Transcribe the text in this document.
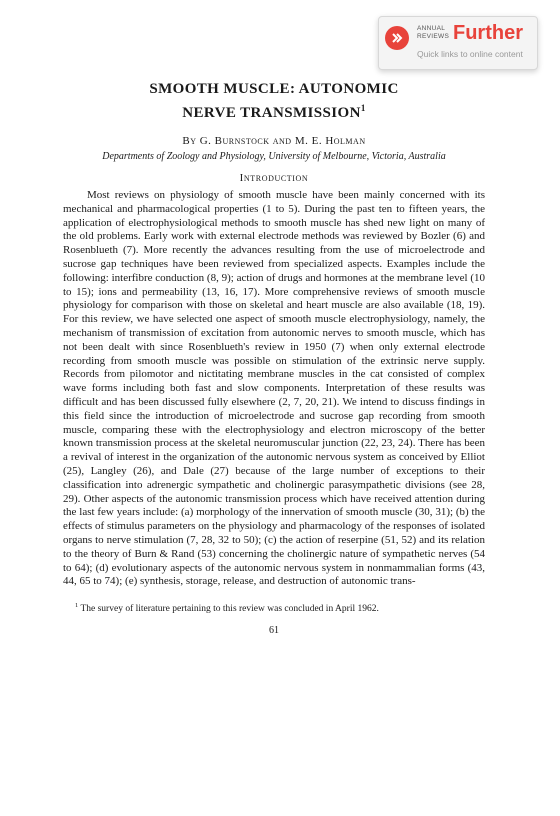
ANNUAL
REVIEWS Further
Quick links to online content
SMOOTH MUSCLE: AUTONOMIC
NERVE TRANSMISSION$^1$
By G. Burnstock and M. E. Holman
Departments of Zoology and Physiology, University of Melbourne, Victoria, Australia
Introduction

Most reviews on physiology of smooth muscle have been mainly concerned with its mechanical and pharmacological properties (1 to 5). During the past ten to fifteen years, the application of electrophysiological methods to smooth muscle has shed new light on many of the old problems. Early work with external electrode methods was reviewed by Bozler (6) and Rosenblueth (7). More recently the advances resulting from the use of microelectrode and sucrose gap techniques have been reviewed from specialized aspects. Examples include the following: interfibre conduction (8, 9); action of drugs and hormones at the membrane level (10 to 15); ions and permeability (13, 16, 17). More comprehensive reviews of smooth muscle physiology for comparison with those on skeletal and heart muscle are also available (18, 19). For this review, we have selected one aspect of smooth muscle electrophysiology, namely, the mechanism of transmission of excitation from autonomic nerves to smooth muscle, which has not been dealt with since Rosenblueth's review in 1950 (7) when only external electrode recording from smooth muscle was possible on stimulation of the extrinsic nerve supply. Records from pilomotor and nictitating membrane muscles in the cat consisted of complex wave forms including both fast and slow components. Interpretation of these results was difficult and has been discussed fully elsewhere (2, 7, 20, 21). We intend to discuss findings in this field since the introduction of microelectrode and sucrose gap recording from smooth muscle, comparing these with the electrophysiology and electron microscopy of the better known transmission process at the skeletal neuromuscular junction (22, 23, 24). There has been a revival of interest in the organization of the autonomic nervous system as conceived by Elliot (25), Langley (26), and Dale (27) because of the large number of exceptions to their classification into adrenergic sympathetic and cholinergic parasympathetic divisions (see 28, 29). Other aspects of the autonomic transmission process which have received attention during the last few years include: (a) morphology of the innervation of smooth muscle (30, 31); (b) the effects of stimulus parameters on the physiology and pharmacology of the responses of isolated organs to nerve stimulation (7, 28, 32 to 50); (c) the action of reserpine (51, 52) and its relation to the theory of Burn & Rand (53) concerning the cholinergic nature of sympathetic nerves (54 to 64); (d) evolutionary aspects of the autonomic nervous system in nonmammalian forms (43, 44, 65 to 74); (e) synthesis, storage, release, and destruction of autonomic trans-

$^1$ The survey of literature pertaining to this review was concluded in April 1962.
61
